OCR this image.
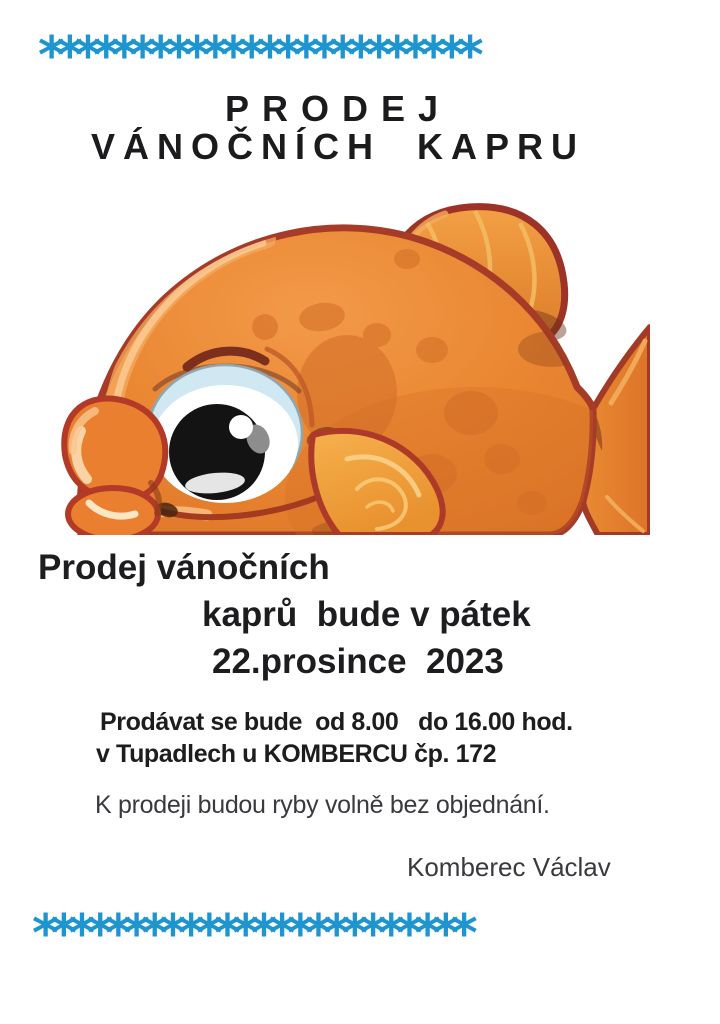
************************
PRODEJ
VÁNOČNÍCH KAPRU
Prodej vánočních
kaprů  bude v pátek
22.prosince  2023
Prodávat se bude  od 8.00   do 16.00 hod.
v Tupadlech u KOMBERCU čp. 172
K prodeji budou ryby volně bez objednání.
Komberec Václav
************************
